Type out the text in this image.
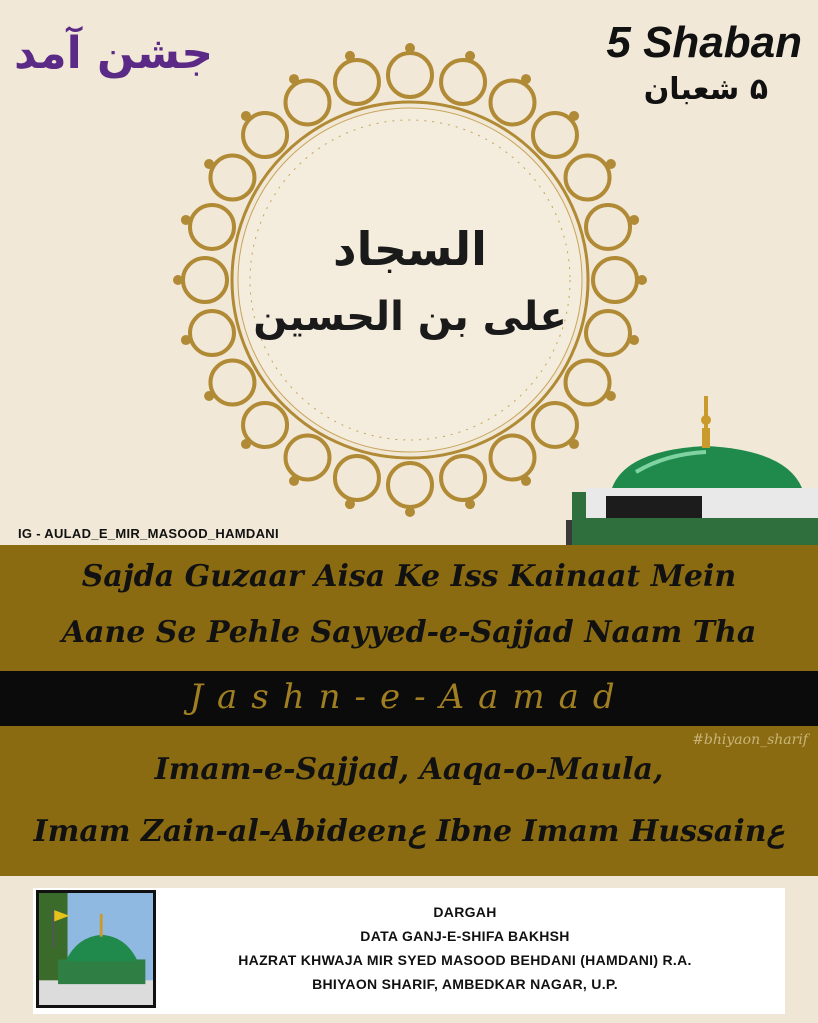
جشن آمد	5 Shaban
۵ شعبان
السجاد
علی بن الحسین
IG - AULAD_E_MIR_MASOOD_HAMDANI
Sajda Guzaar Aisa Ke Iss Kainaat Mein
Aane Se Pehle Sayyed-e-Sajjad Naam Tha
Jashn-e-Aamad
#bhiyaon_sharif
Imam-e-Sajjad, Aaqa-o-Maula,
Imam Zain-al-Abideenع Ibne Imam Hussainع
DARGAH
DATA GANJ-E-SHIFA BAKHSH
HAZRAT KHWAJA MIR SYED MASOOD BEHDANI (HAMDANI) R.A.
BHIYAON SHARIF, AMBEDKAR NAGAR, U.P.
